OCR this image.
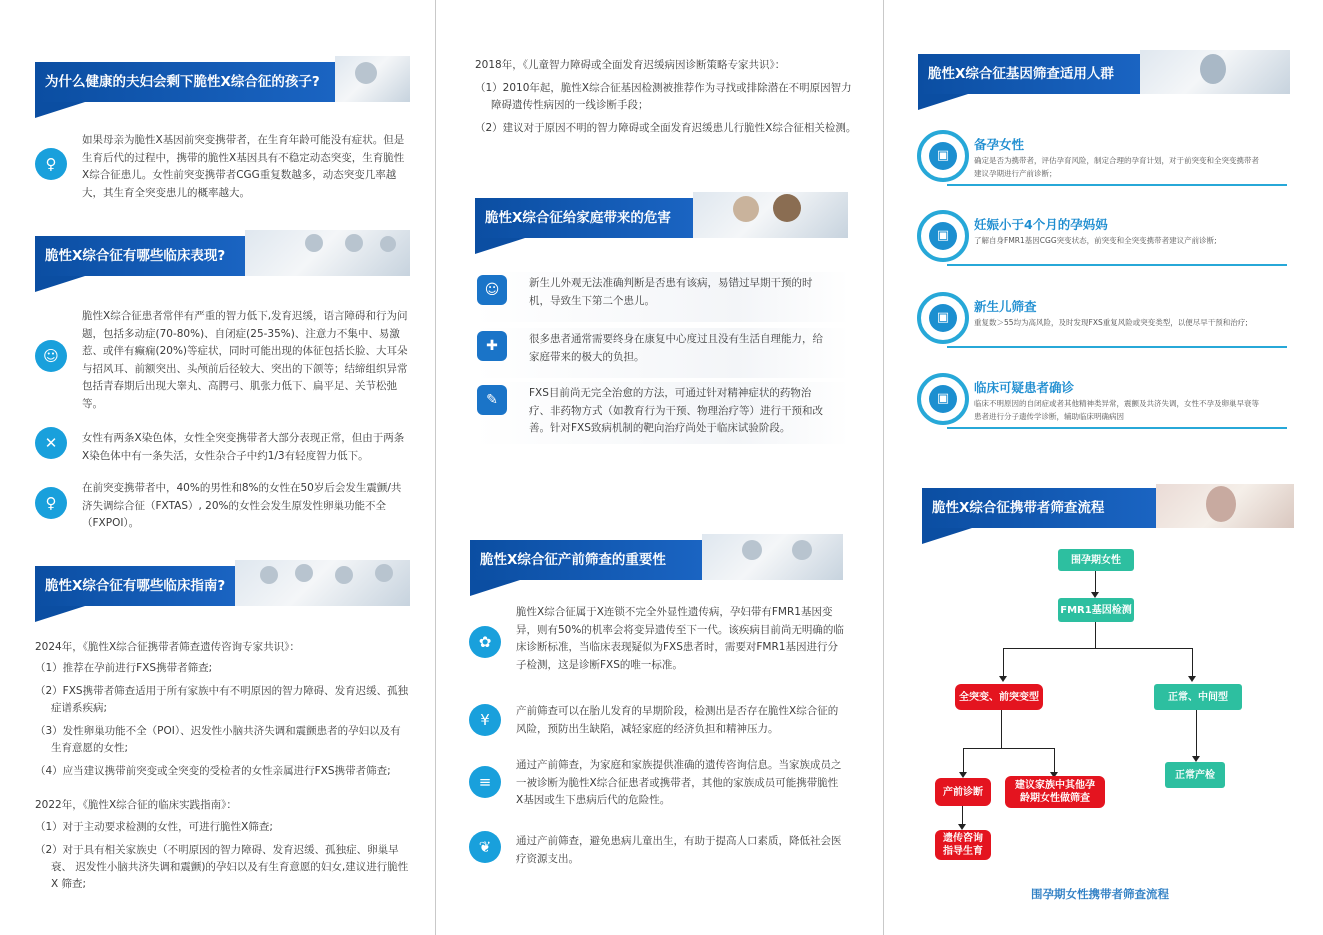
为什么健康的夫妇会剩下脆性X综合征的孩子?
♀
如果母亲为脆性X基因前突变携带者，在生育年龄可能没有症状。但是生育后代的过程中，携带的脆性X基因具有不稳定动态突变，生育脆性X综合征患儿。女性前突变携带者CGG重复数越多，动态突变几率越大，其生育全突变患儿的概率越大。
脆性X综合征有哪些临床表现?
☺
脆性X综合征患者常伴有严重的智力低下,发育迟缓，语言障碍和行为问题，包括多动症(70-80%)、自闭症(25-35%)、注意力不集中、易激惹、或伴有癫痫(20%)等症状，同时可能出现的体征包括长脸、大耳朵与招风耳、前额突出、头颅前后径较大、突出的下颌等；结缔组织异常包括青春期后出现大睾丸、高腭弓、肌张力低下、扁平足、关节松弛等。
✕	女性有两条X染色体，女性全突变携带者大部分表现正常，但由于两条X染色体中有一条失活，女性杂合子中约1/3有轻度智力低下。
♀
在前突变携带者中，40%的男性和8%的女性在50岁后会发生震颤/共济失调综合征（FXTAS）, 20%的女性会发生原发性卵巢功能不全（FXPOI）。
脆性X综合征有哪些临床指南?
2024年，《脆性X综合征携带者筛查遗传咨询专家共识》：
（1）推荐在孕前进行FXS携带者筛查;
（2）FXS携带者筛查适用于所有家族中有不明原因的智力障碍、发育迟缓、孤独症谱系疾病;
（3）发性卵巢功能不全（POI）、迟发性小脑共济失调和震颤患者的孕妇以及有生育意愿的女性;
（4）应当建议携带前突变或全突变的受检者的女性亲属进行FXS携带者筛查;
2022年，《脆性X综合征的临床实践指南》：
（1）对于主动要求检测的女性，可进行脆性X筛查;
（2）对于具有相关家族史（不明原因的智力障碍、发育迟缓、孤独症、卵巢早衰、 迟发性小脑共济失调和震颤)的孕妇以及有生育意愿的妇女,建议进行脆性　X 筛查;
2018年，《儿童智力障碍或全面发育迟缓病因诊断策略专家共识》：
（1）2010年起，脆性X综合征基因检测被推荐作为寻找或排除潜在不明原因智力障碍遗传性病因的一线诊断手段；
（2）建议对于原因不明的智力障碍或全面发育迟缓患儿行脆性X综合征相关检测。
脆性X综合征给家庭带来的危害
☺	新生儿外观无法准确判断是否患有该病，易错过早期干预的时机，导致生下第二个患儿。
✚	很多患者通常需要终身在康复中心度过且没有生活自理能力，给家庭带来的极大的负担。
✎	FXS目前尚无完全治愈的方法，可通过针对精神症状的药物治疗、非药物方式（如教育行为干预、物理治疗等）进行干预和改善。针对FXS致病机制的靶向治疗尚处于临床试验阶段。
脆性X综合征产前筛查的重要性
✿
脆性X综合征属于X连锁不完全外显性遗传病，孕妇带有FMR1基因变异，则有50%的机率会将变异遗传至下一代。该疾病目前尚无明确的临床诊断标准，当临床表现疑似为FXS患者时，需要对FMR1基因进行分子检测，这是诊断FXS的唯一标准。
¥	产前筛查可以在胎儿发育的早期阶段，检测出是否存在脆性X综合征的风险，预防出生缺陷，减轻家庭的经济负担和精神压力。
≡
通过产前筛查，为家庭和家族提供准确的遗传咨询信息。当家族成员之一被诊断为脆性X综合征患者或携带者，其他的家族成员可能携带脆性X基因或生下患病后代的危险性。
❦	通过产前筛查，避免患病儿童出生，有助于提高人口素质，降低社会医疗资源支出。
脆性X综合征基因筛查适用人群
▣
备孕女性
确定是否为携带者，评估孕育风险，制定合理的孕育计划，对于前突变和全突变携带者建议孕期进行产前诊断；
▣
妊娠小于4个月的孕妈妈
了解自身FMR1基因CGG突变状态，前突变和全突变携带者建议产前诊断;
▣
新生儿筛查
重复数＞55均为高风险，及时发现FXS重复风险或突变类型，以便尽早干预和治疗;
▣
临床可疑患者确诊
临床不明原因的自闭症或者其他精神类异常，震颤及共济失调，女性不孕及卵巢早衰等患者进行分子遗传学诊断，辅助临床明确病因
脆性X综合征携带者筛查流程
围孕期女性
FMR1基因检测
全突变、前突变型	正常、中间型
正常产检
产前诊断
建议家族中其他孕龄期女性做筛查
遗传咨询指导生育
围孕期女性携带者筛查流程
